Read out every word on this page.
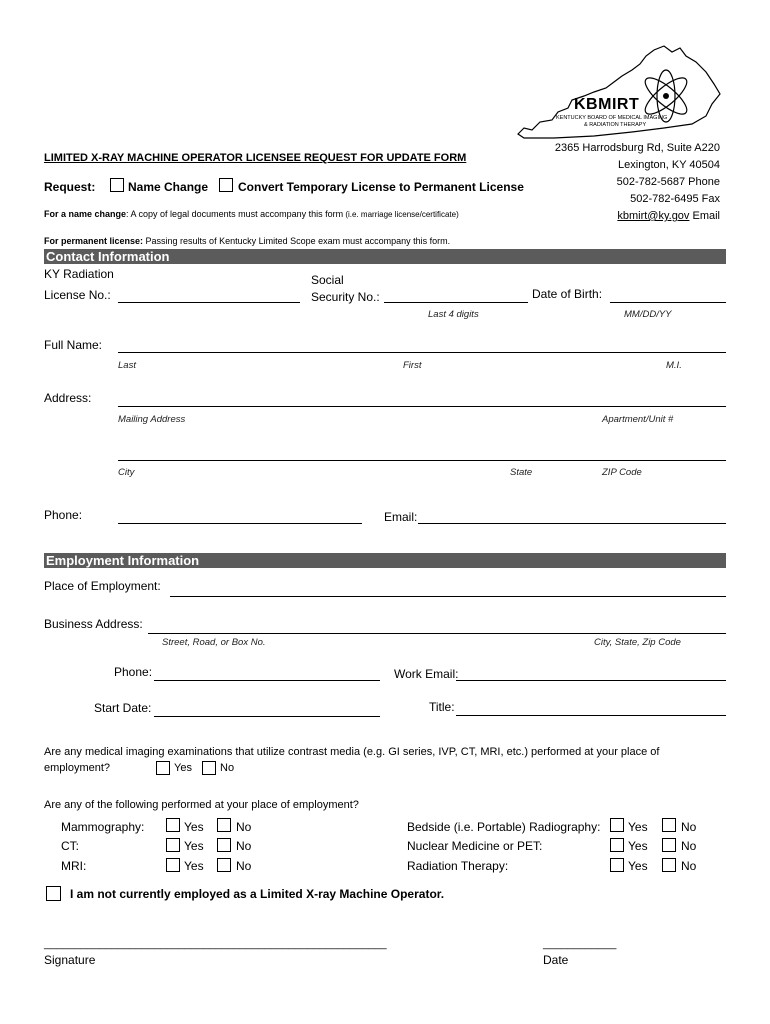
KBMIRT
KENTUCKY BOARD OF MEDICAL IMAGING
& RADIATION THERAPY
2365 Harrodsburg Rd, Suite A220
Lexington, KY 40504
502-782-5687 Phone
502-782-6495 Fax
kbmirt@ky.gov Email
LIMITED X-RAY MACHINE OPERATOR LICENSEE REQUEST FOR UPDATE FORM
Request:	Name Change Convert Temporary License to Permanent License
For a name change: A copy of legal documents must accompany this form (i.e. marriage license/certificate)
For permanent license: Passing results of Kentucky Limited Scope exam must accompany this form.
Contact Information
KY Radiation
License No.:
Social
Security No.:	Date of Birth:
Last 4 digits	MM/DD/YY
Full Name:
Last	First	M.I.
Address:
Mailing Address	Apartment/Unit #
City	State	ZIP Code
Phone:	Email:
Employment Information
Place of Employment:
Business Address:
Street, Road, or Box No.	City, State, Zip Code
Phone:	Work Email:
Start Date:	Title:
Are any medical imaging examinations that utilize contrast media (e.g. GI series, IVP, CT, MRI, etc.) performed at your place of
employment?	Yes	No
Are any of the following performed at your place of employment?
Mammography:	Yes	No
CT:	Yes	No
MRI:	Yes	No
Bedside (i.e. Portable) Radiography: Yes	No
Nuclear Medicine or PET:	Yes	No
Radiation Therapy:	Yes	No
I am not currently employed as a Limited X-ray Machine Operator.
________________________________________________________	____________
Signature	Date
